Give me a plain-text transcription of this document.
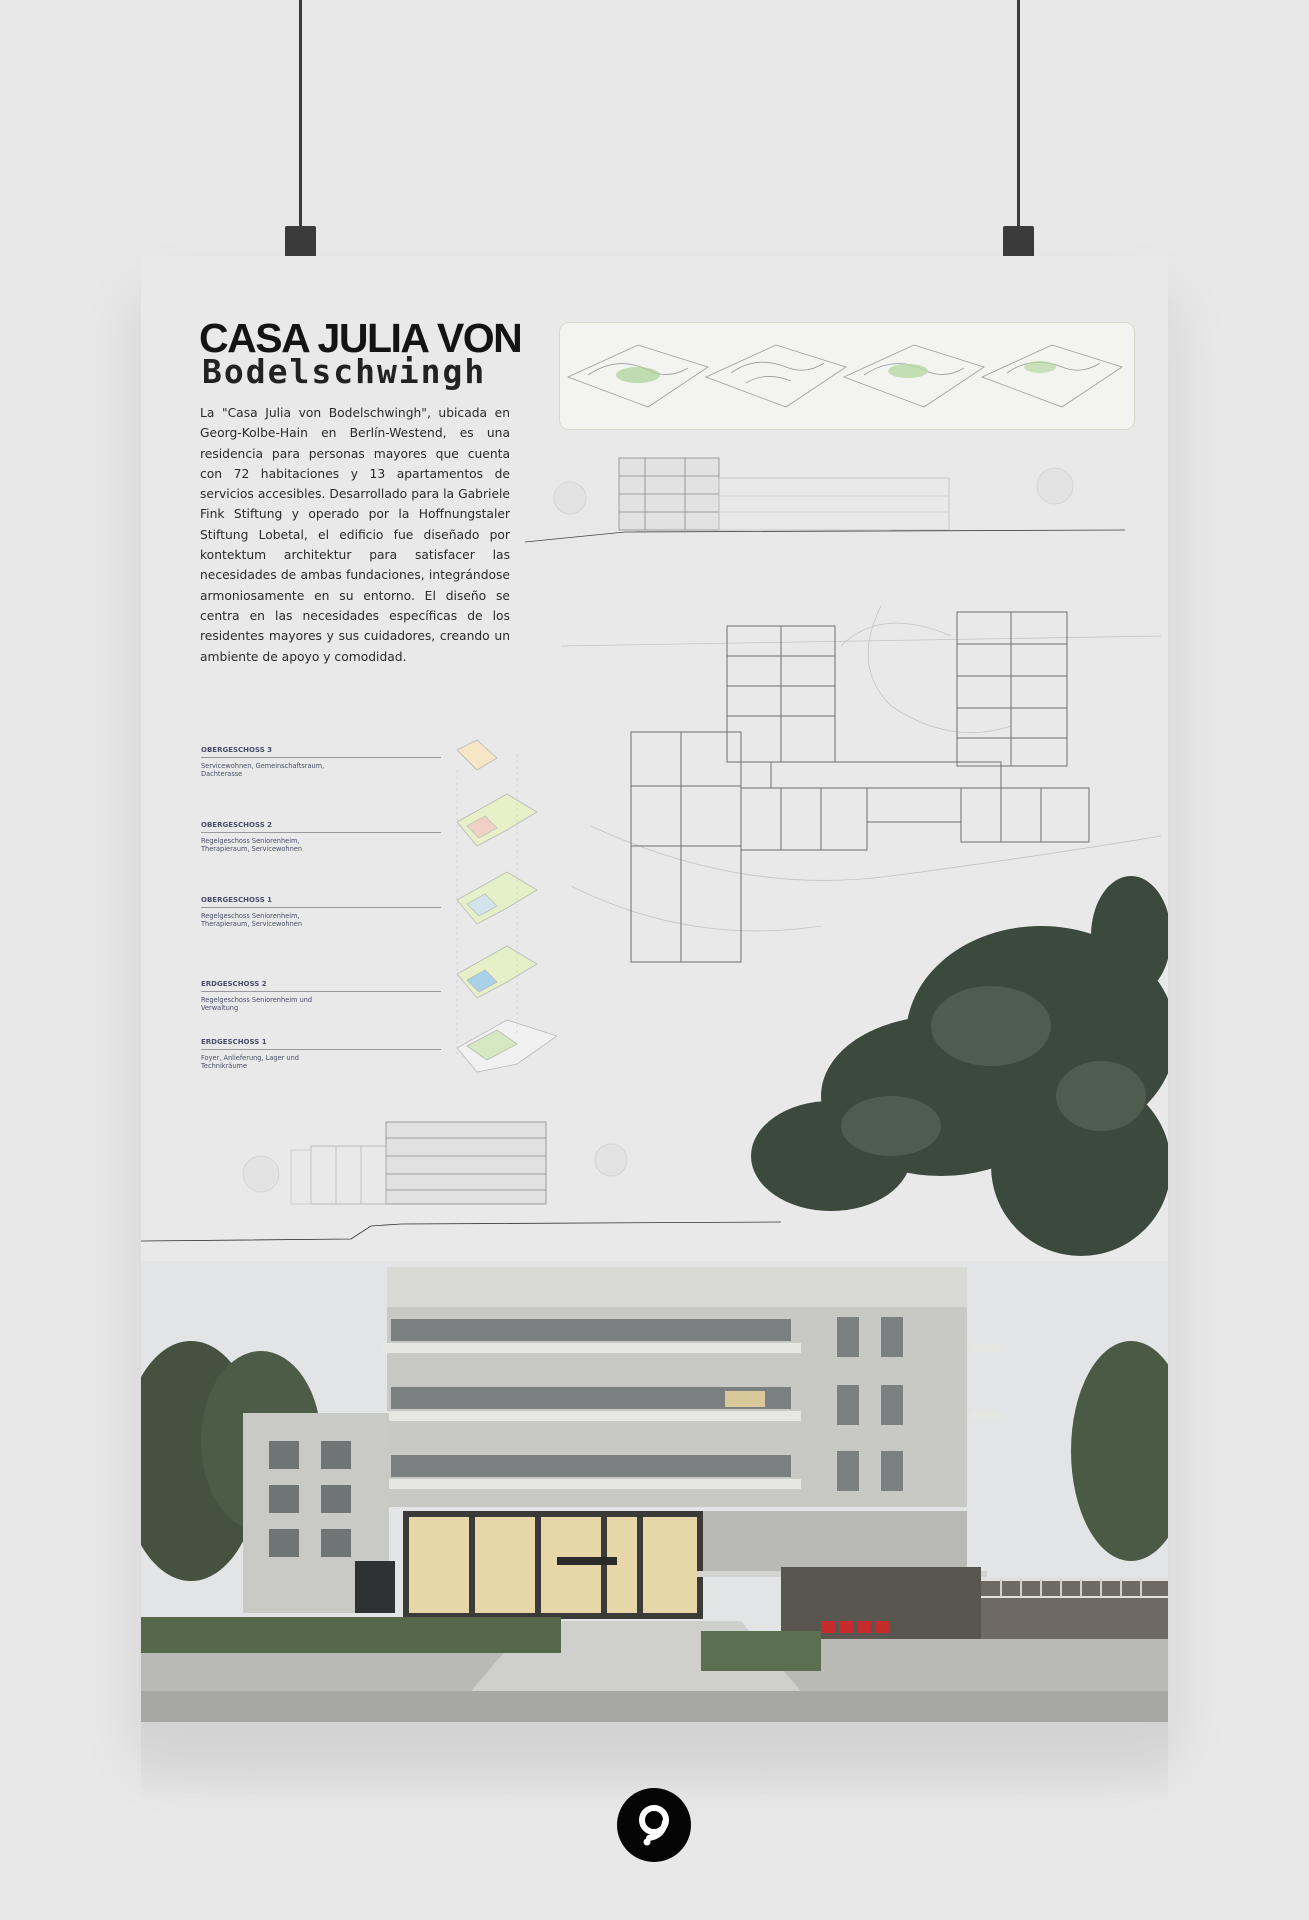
CASA JULIA VON
Bodelschwingh

La "Casa Julia von Bodelschwingh", ubicada en Georg-Kolbe-Hain en Berlín-Westend, es una residencia para personas mayores que cuenta con 72 habitaciones y 13 apartamentos de servicios accesibles. Desarrollado para la Gabriele Fink Stiftung y operado por la Hoffnungstaler Stiftung Lobetal, el edificio fue diseñado por kontektum architektur para satisfacer las necesidades de ambas fundaciones, integrándose armoniosamente en su entorno. El diseño se centra en las necesidades específicas de los residentes mayores y sus cuidadores, creando un ambiente de apoyo y comodidad.

OBERGESCHOSS 3
Servicewohnen, Gemeinschaftsraum, Dachterasse
OBERGESCHOSS 2
Regelgeschoss Seniorenheim, Therapieraum, Servicewohnen
OBERGESCHOSS 1
Regelgeschoss Seniorenheim, Therapieraum, Servicewohnen
ERDGESCHOSS 2
Regelgeschoss Seniorenheim und Verwaltung
ERDGESCHOSS 1
Foyer, Anlieferung, Lager und Technikräume
